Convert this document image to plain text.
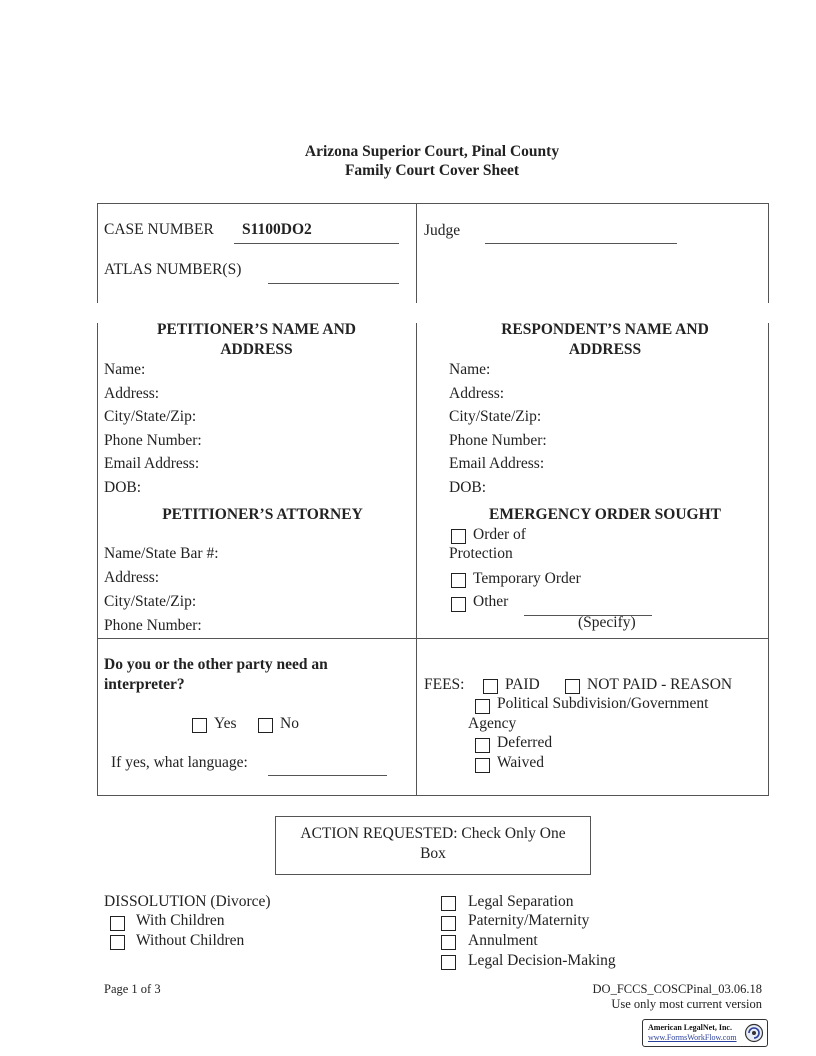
Arizona Superior Court, Pinal County
Family Court Cover Sheet
CASE NUMBER S1100DO2
ATLAS NUMBER(S)
Judge
PETITIONER’S NAME AND
ADDRESS
Name:
Address:
City/State/Zip:
Phone Number:
Email Address:
DOB:
RESPONDENT’S NAME AND
ADDRESS
Name:
Address:
City/State/Zip:
Phone Number:
Email Address:
DOB:
PETITIONER’S ATTORNEY
Name/State Bar #:
Address:
City/State/Zip:
Phone Number:
EMERGENCY ORDER SOUGHT
Order of
Protection
Temporary Order
Other
(Specify)
Do you or the other party need an
interpreter?
Yes	No
If yes, what language:
FEES:	PAID	NOT PAID - REASON
Political Subdivision/Government
Agency
Deferred
Waived
ACTION REQUESTED: Check Only One
Box
DISSOLUTION (Divorce)
With Children
Without Children
Legal Separation
Paternity/Maternity
Annulment
Legal Decision-Making
Page 1 of 3	DO_FCCS_COSCPinal_03.06.18
Use only most current version
American LegalNet, Inc.
www.FormsWorkFlow.com
